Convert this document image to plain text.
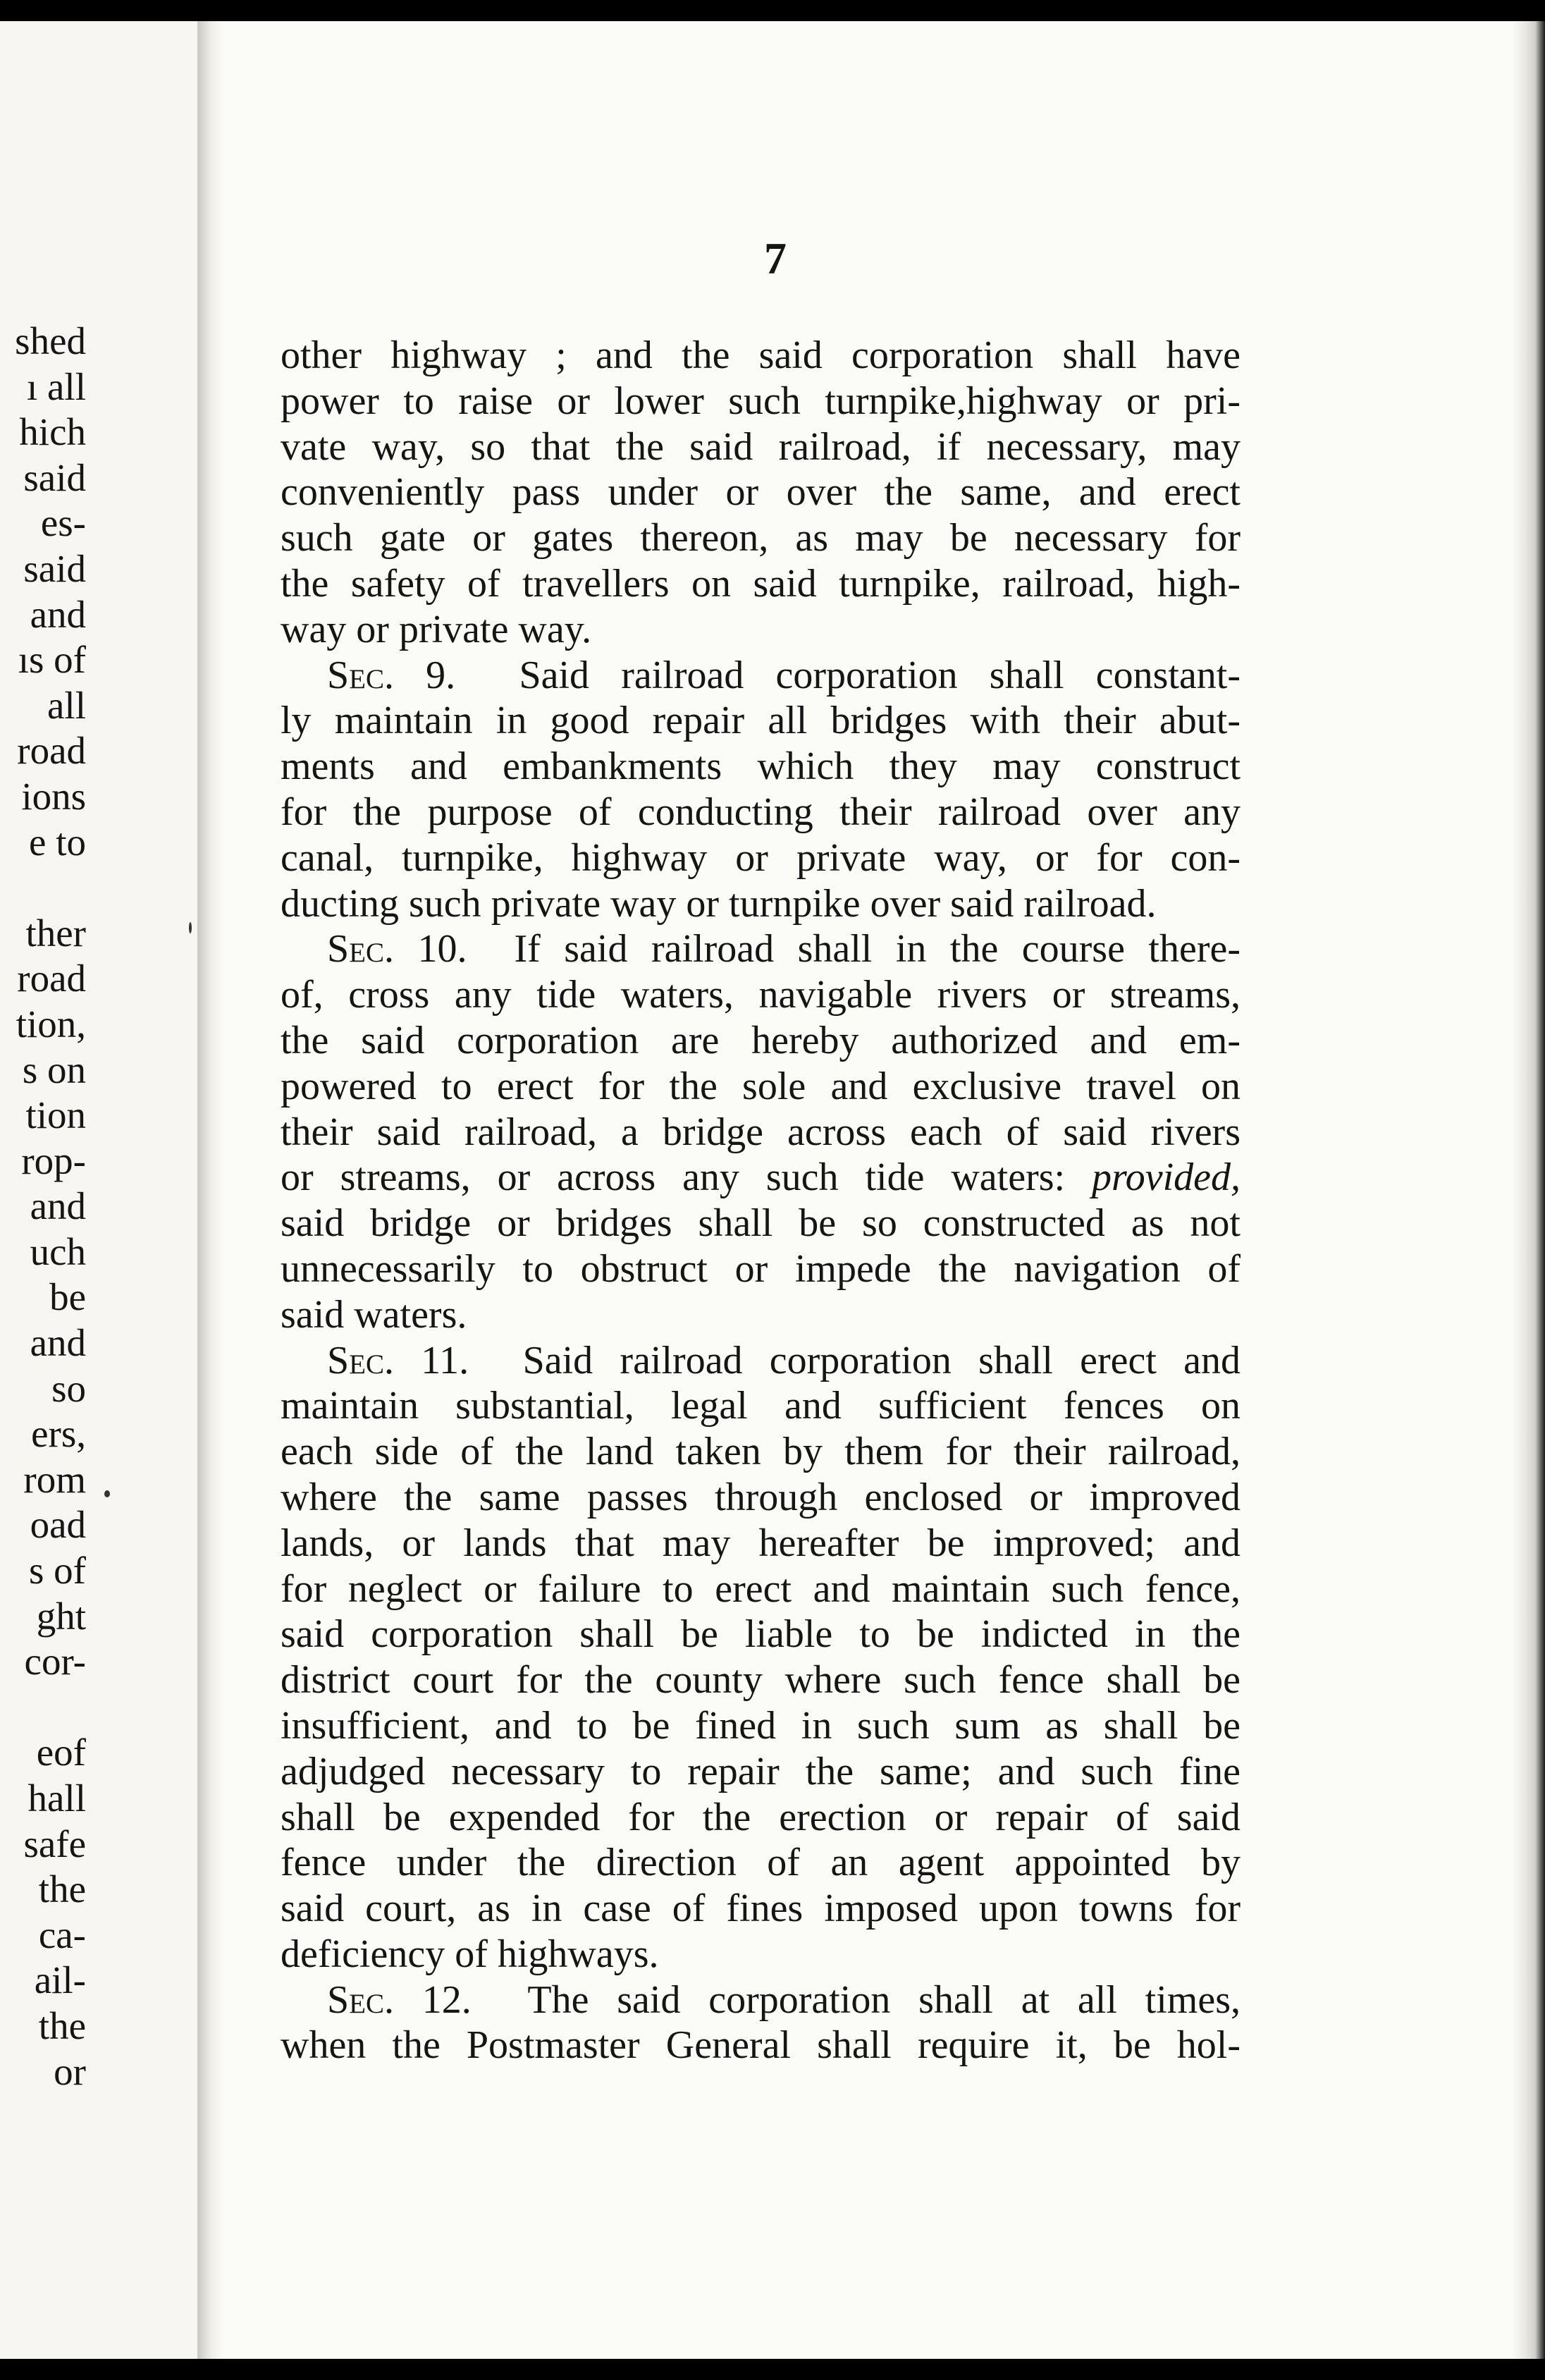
shed
ı all
hich
said
es-
said
and
ıs of
all
road
ions
e to
ther
road
tion,
s on
tion
rop-
and
uch
be
and
so
ers,
rom
oad
s of
ght
cor-
eof
hall
safe
the
ca-
ail-
the
or
7
other highway ; and the said corporation shall have
power to raise or lower such turnpike,highway or pri-
vate way, so that the said railroad, if necessary, may
conveniently pass under or over the same, and erect
such gate or gates thereon, as may be necessary for
the safety of travellers on said turnpike, railroad, high-
way or private way.
Sec. 9. Said railroad corporation shall constant-
ly maintain in good repair all bridges with their abut-
ments and embankments which they may construct
for the purpose of conducting their railroad over any
canal, turnpike, highway or private way, or for con-
ducting such private way or turnpike over said railroad.
Sec. 10. If said railroad shall in the course there-
of, cross any tide waters, navigable rivers or streams,
the said corporation are hereby authorized and em-
powered to erect for the sole and exclusive travel on
their said railroad, a bridge across each of said rivers
or streams, or across any such tide waters: provided,
said bridge or bridges shall be so constructed as not
unnecessarily to obstruct or impede the navigation of
said waters.
Sec. 11. Said railroad corporation shall erect and
maintain substantial, legal and sufficient fences on
each side of the land taken by them for their railroad,
where the same passes through enclosed or improved
lands, or lands that may hereafter be improved; and
for neglect or failure to erect and maintain such fence,
said corporation shall be liable to be indicted in the
district court for the county where such fence shall be
insufficient, and to be fined in such sum as shall be
adjudged necessary to repair the same; and such fine
shall be expended for the erection or repair of said
fence under the direction of an agent appointed by
said court, as in case of fines imposed upon towns for
deficiency of highways.
Sec. 12. The said corporation shall at all times,
when the Postmaster General shall require it, be hol-
